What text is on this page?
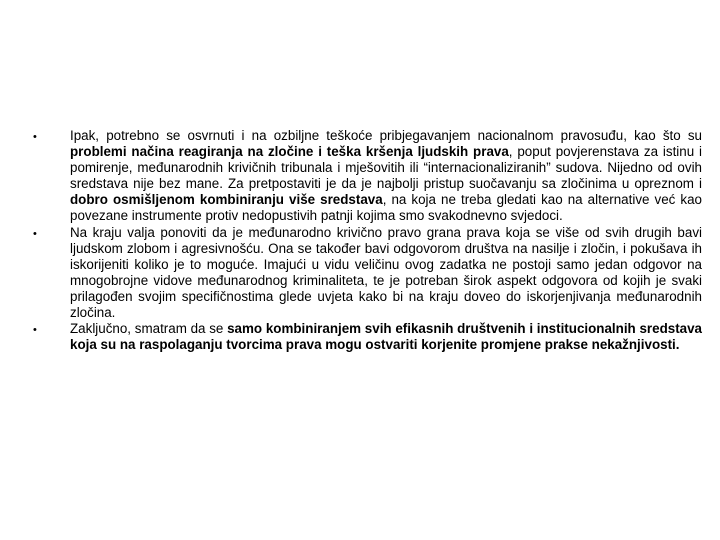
• Ipak, potrebno se osvrnuti i na ozbiljne teškoće pribjegavanjem nacionalnom pravosuđu, kao što su problemi načina reagiranja na zločine i teška kršenja ljudskih prava, poput povjerenstava za istinu i pomirenje, međunarodnih krivičnih tribunala i mješovitih ili “internacionaliziranih” sudova. Nijedno od ovih sredstava nije bez mane. Za pretpostaviti je da je najbolji pristup suočavanju sa zločinima u opreznom i dobro osmišljenom kombiniranju više sredstava, na koja ne treba gledati kao na alternative već kao povezane instrumente protiv nedopustivih patnji kojima smo svakodnevno svjedoci.
• Na kraju valja ponoviti da je međunarodno krivično pravo grana prava koja se više od svih drugih bavi ljudskom zlobom i agresivnošću. Ona se također bavi odgovorom društva na nasilje i zločin, i pokušava ih iskorijeniti koliko je to moguće. Imajući u vidu veličinu ovog zadatka ne postoji samo jedan odgovor na mnogobrojne vidove međunarodnog kriminaliteta, te je potreban širok aspekt odgovora od kojih je svaki prilagođen svojim specifičnostima glede uvjeta kako bi na kraju doveo do iskorjenjivanja međunarodnih zločina.
• Zaključno, smatram da se samo kombiniranjem svih efikasnih društvenih i institucionalnih sredstava koja su na raspolaganju tvorcima prava mogu ostvariti korjenite promjene prakse nekažnjivosti.
